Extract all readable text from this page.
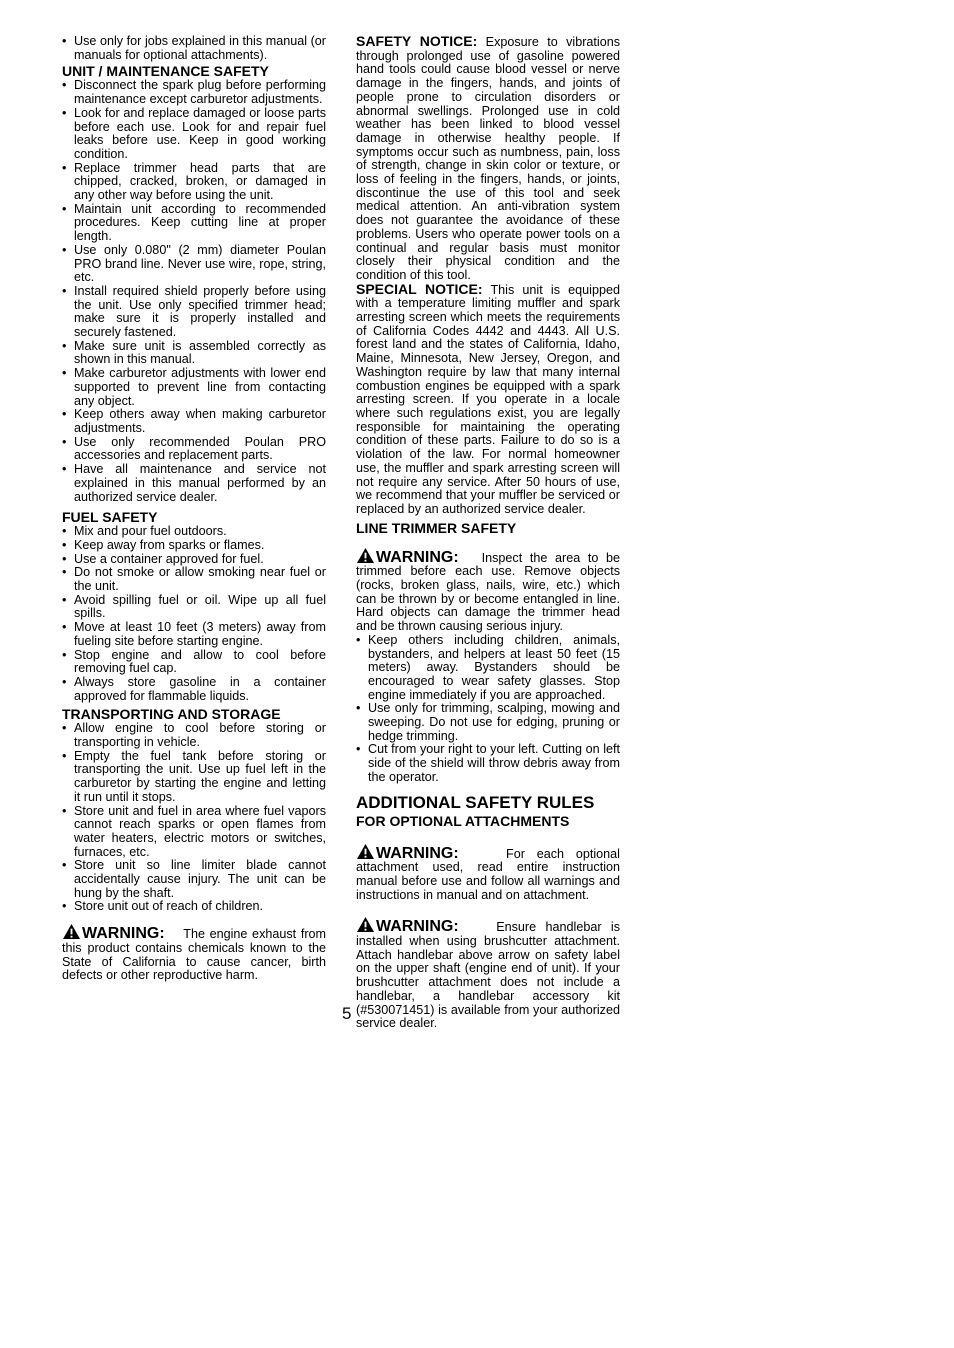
• Use only for jobs explained in this manual (or manuals for optional attachments).
UNIT / MAINTENANCE SAFETY
• Disconnect the spark plug before performing maintenance except carburetor adjustments.
• Look for and replace damaged or loose parts before each use. Look for and repair fuel leaks before use. Keep in good working condition.
• Replace trimmer head parts that are chipped, cracked, broken, or damaged in any other way before using the unit.
• Maintain unit according to recommended procedures. Keep cutting line at proper length.
• Use only 0.080" (2 mm) diameter Poulan PRO brand line. Never use wire, rope, string, etc.
• Install required shield properly before using the unit. Use only specified trimmer head; make sure it is properly installed and securely fastened.
• Make sure unit is assembled correctly as shown in this manual.
• Make carburetor adjustments with lower end supported to prevent line from contacting any object.
• Keep others away when making carburetor adjustments.
• Use only recommended Poulan PRO accessories and replacement parts.
• Have all maintenance and service not explained in this manual performed by an authorized service dealer.
FUEL SAFETY
• Mix and pour fuel outdoors.
• Keep away from sparks or flames.
• Use a container approved for fuel.
• Do not smoke or allow smoking near fuel or the unit.
• Avoid spilling fuel or oil. Wipe up all fuel spills.
• Move at least 10 feet (3 meters) away from fueling site before starting engine.
• Stop engine and allow to cool before removing fuel cap.
• Always store gasoline in a container approved for flammable liquids.
TRANSPORTING AND STORAGE
• Allow engine to cool before storing or transporting in vehicle.
• Empty the fuel tank before storing or transporting the unit. Use up fuel left in the carburetor by starting the engine and letting it run until it stops.
• Store unit and fuel in area where fuel vapors cannot reach sparks or open flames from water heaters, electric motors or switches, furnaces, etc.
• Store unit so line limiter blade cannot accidentally cause injury. The unit can be hung by the shaft.
• Store unit out of reach of children.

WARNING: The engine exhaust from this product contains chemicals known to the State of California to cause cancer, birth defects or other reproductive harm.

SAFETY NOTICE: Exposure to vibrations through prolonged use of gasoline powered hand tools could cause blood vessel or nerve damage in the fingers, hands, and joints of people prone to circulation disorders or abnormal swellings. Prolonged use in cold weather has been linked to blood vessel damage in otherwise healthy people. If symptoms occur such as numbness, pain, loss of strength, change in skin color or texture, or loss of feeling in the fingers, hands, or joints, discontinue the use of this tool and seek medical attention. An anti-vibration system does not guarantee the avoidance of these problems. Users who operate power tools on a continual and regular basis must monitor closely their physical condition and the condition of this tool.

SPECIAL NOTICE: This unit is equipped with a temperature limiting muffler and spark arresting screen which meets the requirements of California Codes 4442 and 4443. All U.S. forest land and the states of California, Idaho, Maine, Minnesota, New Jersey, Oregon, and Washington require by law that many internal combustion engines be equipped with a spark arresting screen. If you operate in a locale where such regulations exist, you are legally responsible for maintaining the operating condition of these parts. Failure to do so is a violation of the law. For normal homeowner use, the muffler and spark arresting screen will not require any service. After 50 hours of use, we recommend that your muffler be serviced or replaced by an authorized service dealer.

LINE TRIMMER SAFETY

WARNING: Inspect the area to be trimmed before each use. Remove objects (rocks, broken glass, nails, wire, etc.) which can be thrown by or become entangled in line. Hard objects can damage the trimmer head and be thrown causing serious injury.

• Keep others including children, animals, bystanders, and helpers at least 50 feet (15 meters) away. Bystanders should be encouraged to wear safety glasses. Stop engine immediately if you are approached.
• Use only for trimming, scalping, mowing and sweeping. Do not use for edging, pruning or hedge trimming.
• Cut from your right to your left. Cutting on left side of the shield will throw debris away from the operator.
ADDITIONAL SAFETY RULES
FOR OPTIONAL ATTACHMENTS

WARNING:	For each optional attachment used, read entire instruction manual before use and follow all warnings and instructions in manual and on attachment.

WARNING:	Ensure handlebar is installed when using brushcutter attachment. Attach handlebar above arrow on safety label on the upper shaft (engine end of unit). If your brushcutter attachment does not include a handlebar, a handlebar accessory kit (#530071451) is available from your authorized service dealer.

5
